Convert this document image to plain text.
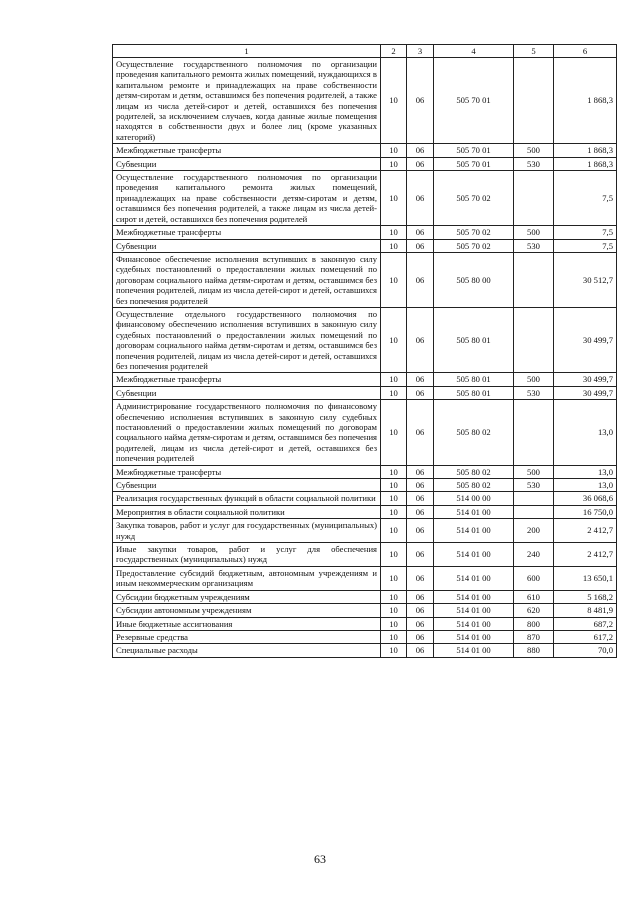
1	2	3	4	5	6
Осуществление государственного полномочия по организации проведения капитального ремонта жилых помещений, нуждающихся в капитальном ремонте и принадлежащих на праве собственности детям-сиротам и детям, оставшимся без попечения родителей, а также лицам из числа детей-сирот и детей, оставшихся без попечения родителей, за исключением случаев, когда данные жилые помещения находятся в собственности двух и более лиц (кроме указанных категорий)	10	06	505 70 01		1 868,3
Межбюджетные трансферты	10	06	505 70 01	500	1 868,3
Субвенции	10	06	505 70 01	530	1 868,3
Осуществление государственного полномочия по организации проведения капитального ремонта жилых помещений, принадлежащих на праве собственности детям-сиротам и детям, оставшимся без попечения родителей, а также лицам из числа детей-сирот и детей, оставшихся без попечения родителей	10	06	505 70 02		7,5
Межбюджетные трансферты	10	06	505 70 02	500	7,5
Субвенции	10	06	505 70 02	530	7,5
Финансовое обеспечение исполнения вступивших в законную силу судебных постановлений о предоставлении жилых помещений по договорам социального найма детям-сиротам и детям, оставшимся без попечения родителей, лицам из числа детей-сирот и детей, оставшихся без попечения родителей	10	06	505 80 00		30 512,7
Осуществление отдельного государственного полномочия по финансовому обеспечению исполнения вступивших в законную силу судебных постановлений о предоставлении жилых помещений по договорам социального найма детям-сиротам и детям, оставшимся без попечения родителей, лицам из числа детей-сирот и детей, оставшихся без попечения родителей	10	06	505 80 01		30 499,7
Межбюджетные трансферты	10	06	505 80 01	500	30 499,7
Субвенции	10	06	505 80 01	530	30 499,7
Администрирование государственного полномочия по финансовому обеспечению исполнения вступивших в законную силу судебных постановлений о предоставлении жилых помещений по договорам социального найма детям-сиротам и детям, оставшимся без попечения родителей, лицам из числа детей-сирот и детей, оставшихся без попечения родителей	10	06	505 80 02		13,0
Межбюджетные трансферты	10	06	505 80 02	500	13,0
Субвенции	10	06	505 80 02	530	13,0
Реализация государственных функций в области социальной политики	10	06	514 00 00		36 068,6
Мероприятия в области социальной политики	10	06	514 01 00		16 750,0
Закупка товаров, работ и услуг для государственных (муниципальных) нужд	10	06	514 01 00	200	2 412,7
Иные закупки товаров, работ и услуг для обеспечения государственных (муниципальных) нужд	10	06	514 01 00	240	2 412,7
Предоставление субсидий бюджетным, автономным учреждениям и иным некоммерческим организациям	10	06	514 01 00	600	13 650,1
Субсидии бюджетным учреждениям	10	06	514 01 00	610	5 168,2
Субсидии автономным учреждениям	10	06	514 01 00	620	8 481,9
Иные бюджетные ассигнования	10	06	514 01 00	800	687,2
Резервные средства	10	06	514 01 00	870	617,2
Специальные расходы	10	06	514 01 00	880	70,0
63
